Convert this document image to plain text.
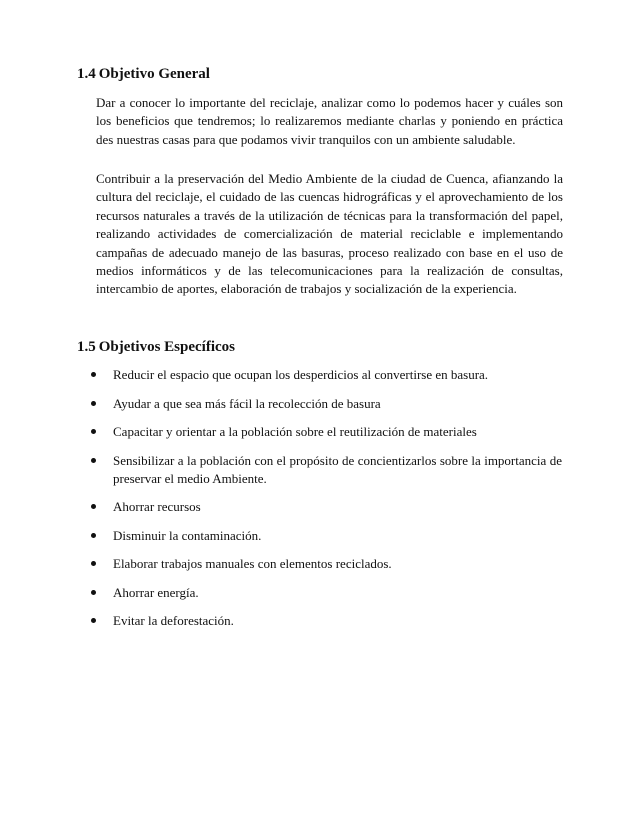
1.4 Objetivo General

Dar a conocer lo importante del reciclaje, analizar como lo podemos hacer y cuáles son los beneficios que tendremos; lo realizaremos mediante charlas y poniendo en práctica des nuestras casas para que podamos vivir tranquilos con un ambiente saludable.

Contribuir a la preservación del Medio Ambiente de la ciudad de Cuenca, afianzando la cultura del reciclaje, el cuidado de las cuencas hidrográficas y el aprovechamiento de los recursos naturales a través de la utilización de técnicas para la transformación del papel, realizando actividades de comercialización de material reciclable e implementando campañas de adecuado manejo de las basuras, proceso realizado con base en el uso de medios informáticos y de las telecomunicaciones para la realización de consultas, intercambio de aportes, elaboración de trabajos y socialización de la experiencia.

1.5 Objetivos Específicos
Reducir el espacio que ocupan los desperdicios al convertirse en basura.
Ayudar a que sea más fácil la recolección de basura
Capacitar y orientar a la población sobre el reutilización de materiales
Sensibilizar a la población con el propósito de concientizarlos sobre la importancia de preservar el medio Ambiente.
Ahorrar recursos
Disminuir la contaminación.
Elaborar trabajos manuales con elementos reciclados.
Ahorrar energía.
Evitar la deforestación.
